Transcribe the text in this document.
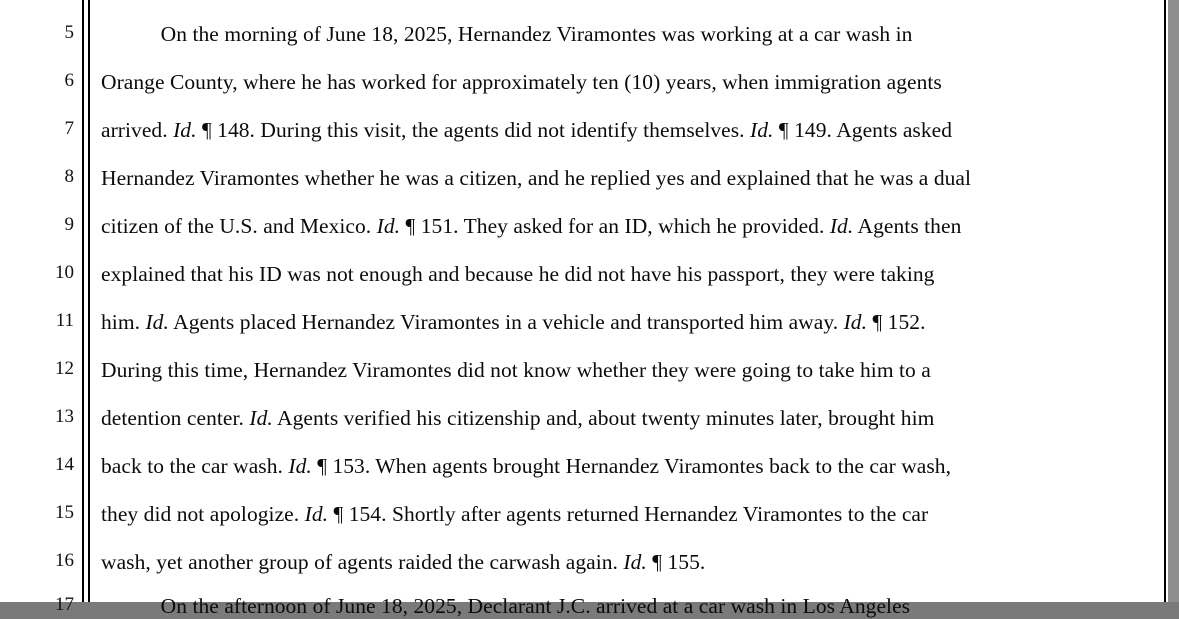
5
6
7
8
9
10
11
12
13
14
15
16
17
On the morning of June 18, 2025, Hernandez Viramontes was working at a car wash in
Orange County, where he has worked for approximately ten (10) years, when immigration agents
arrived. Id. ¶ 148. During this visit, the agents did not identify themselves. Id. ¶ 149. Agents asked
Hernandez Viramontes whether he was a citizen, and he replied yes and explained that he was a dual
citizen of the U.S. and Mexico. Id. ¶ 151. They asked for an ID, which he provided. Id. Agents then
explained that his ID was not enough and because he did not have his passport, they were taking
him. Id. Agents placed Hernandez Viramontes in a vehicle and transported him away. Id. ¶ 152.
During this time, Hernandez Viramontes did not know whether they were going to take him to a
detention center. Id. Agents verified his citizenship and, about twenty minutes later, brought him
back to the car wash. Id. ¶ 153. When agents brought Hernandez Viramontes back to the car wash,
they did not apologize. Id. ¶ 154. Shortly after agents returned Hernandez Viramontes to the car
wash, yet another group of agents raided the carwash again. Id. ¶ 155.
On the afternoon of June 18, 2025, Declarant J.C. arrived at a car wash in Los Angeles
